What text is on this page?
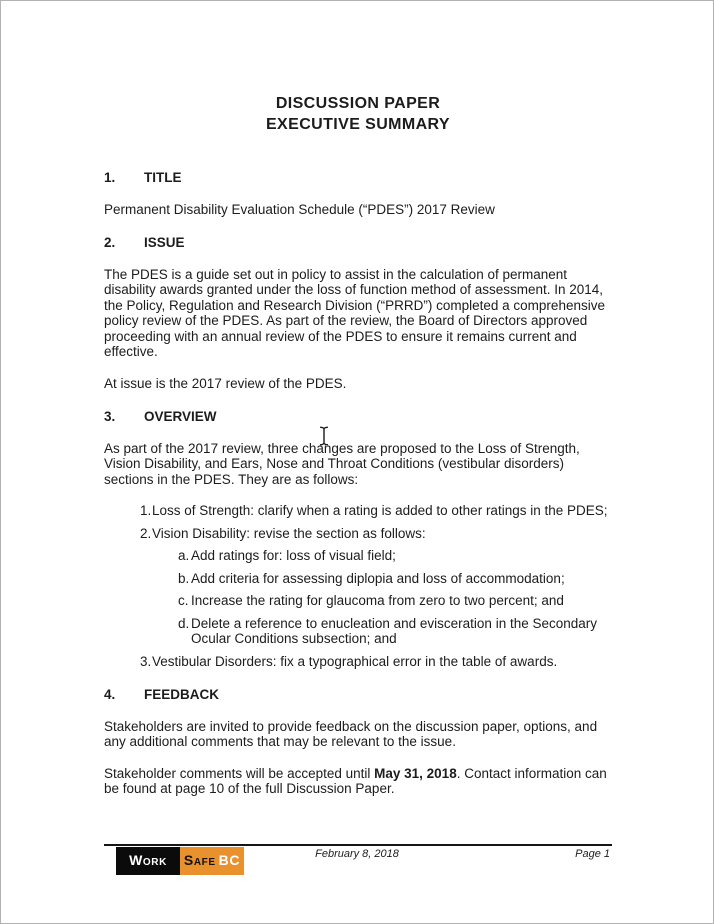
DISCUSSION PAPER
EXECUTIVE SUMMARY
1. TITLE

Permanent Disability Evaluation Schedule (“PDES”) 2017 Review

2. ISSUE

The PDES is a guide set out in policy to assist in the calculation of permanent disability awards granted under the loss of function method of assessment. In 2014, the Policy, Regulation and Research Division (“PRRD”) completed a comprehensive policy review of the PDES. As part of the review, the Board of Directors approved proceeding with an annual review of the PDES to ensure it remains current and effective.

At issue is the 2017 review of the PDES.

3. OVERVIEW

As part of the 2017 review, three changes are proposed to the Loss of Strength, Vision Disability, and Ears, Nose and Throat Conditions (vestibular disorders) sections in the PDES. They are as follows:

1. Loss of Strength: clarify when a rating is added to other ratings in the PDES;
2. Vision Disability: revise the section as follows:
a. Add ratings for: loss of visual field;
b. Add criteria for assessing diplopia and loss of accommodation;
c. Increase the rating for glaucoma from zero to two percent; and
d. Delete a reference to enucleation and evisceration in the Secondary Ocular Conditions subsection; and
3. Vestibular Disorders: fix a typographical error in the table of awards.
4. FEEDBACK

Stakeholders are invited to provide feedback on the discussion paper, options, and any additional comments that may be relevant to the issue.

Stakeholder comments will be accepted until May 31, 2018. Contact information can be found at page 10 of the full Discussion Paper.

Work Safe BC	February 8, 2018	Page 1
